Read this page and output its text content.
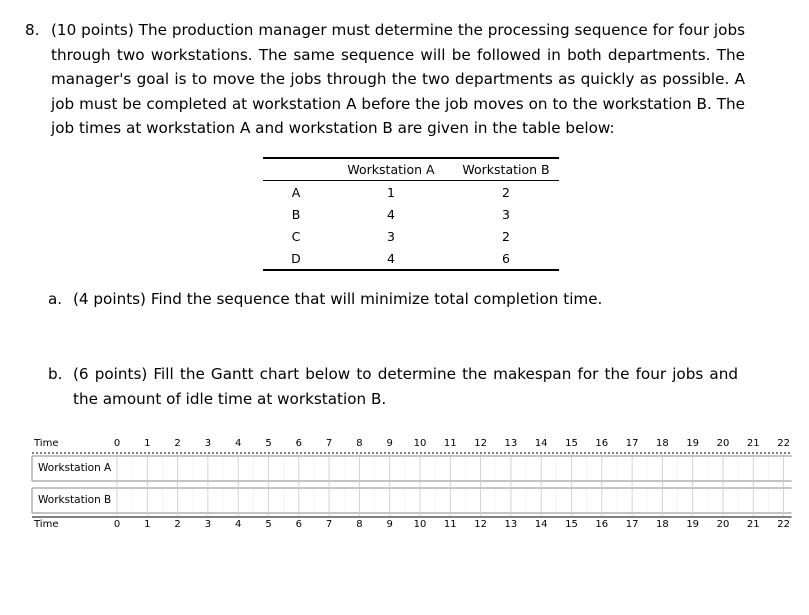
8. (10 points) The production manager must determine the processing sequence for four jobs through two workstations. The same sequence will be followed in both departments. The manager's goal is to move the jobs through the two departments as quickly as possible. A job must be completed at workstation A before the job moves on to the workstation B. The job times at workstation A and workstation B are given in the table below:
	Workstation A	Workstation B
A	1	2
B	4	3
C	3	2
D	4	6
a. (4 points) Find the sequence that will minimize total completion time.
b. (6 points) Fill the Gantt chart below to determine the makespan for the four jobs and the amount of idle time at workstation B.
Time
Time
Workstation A
Workstation B
0	1	2	3	4	5	6	7	8	9	10	11	12	13	14	15	16	17	18	19	20	21	22
0	1	2	3	4	5	6	7	8	9	10	11	12	13	14	15	16	17	18	19	20	21	22
